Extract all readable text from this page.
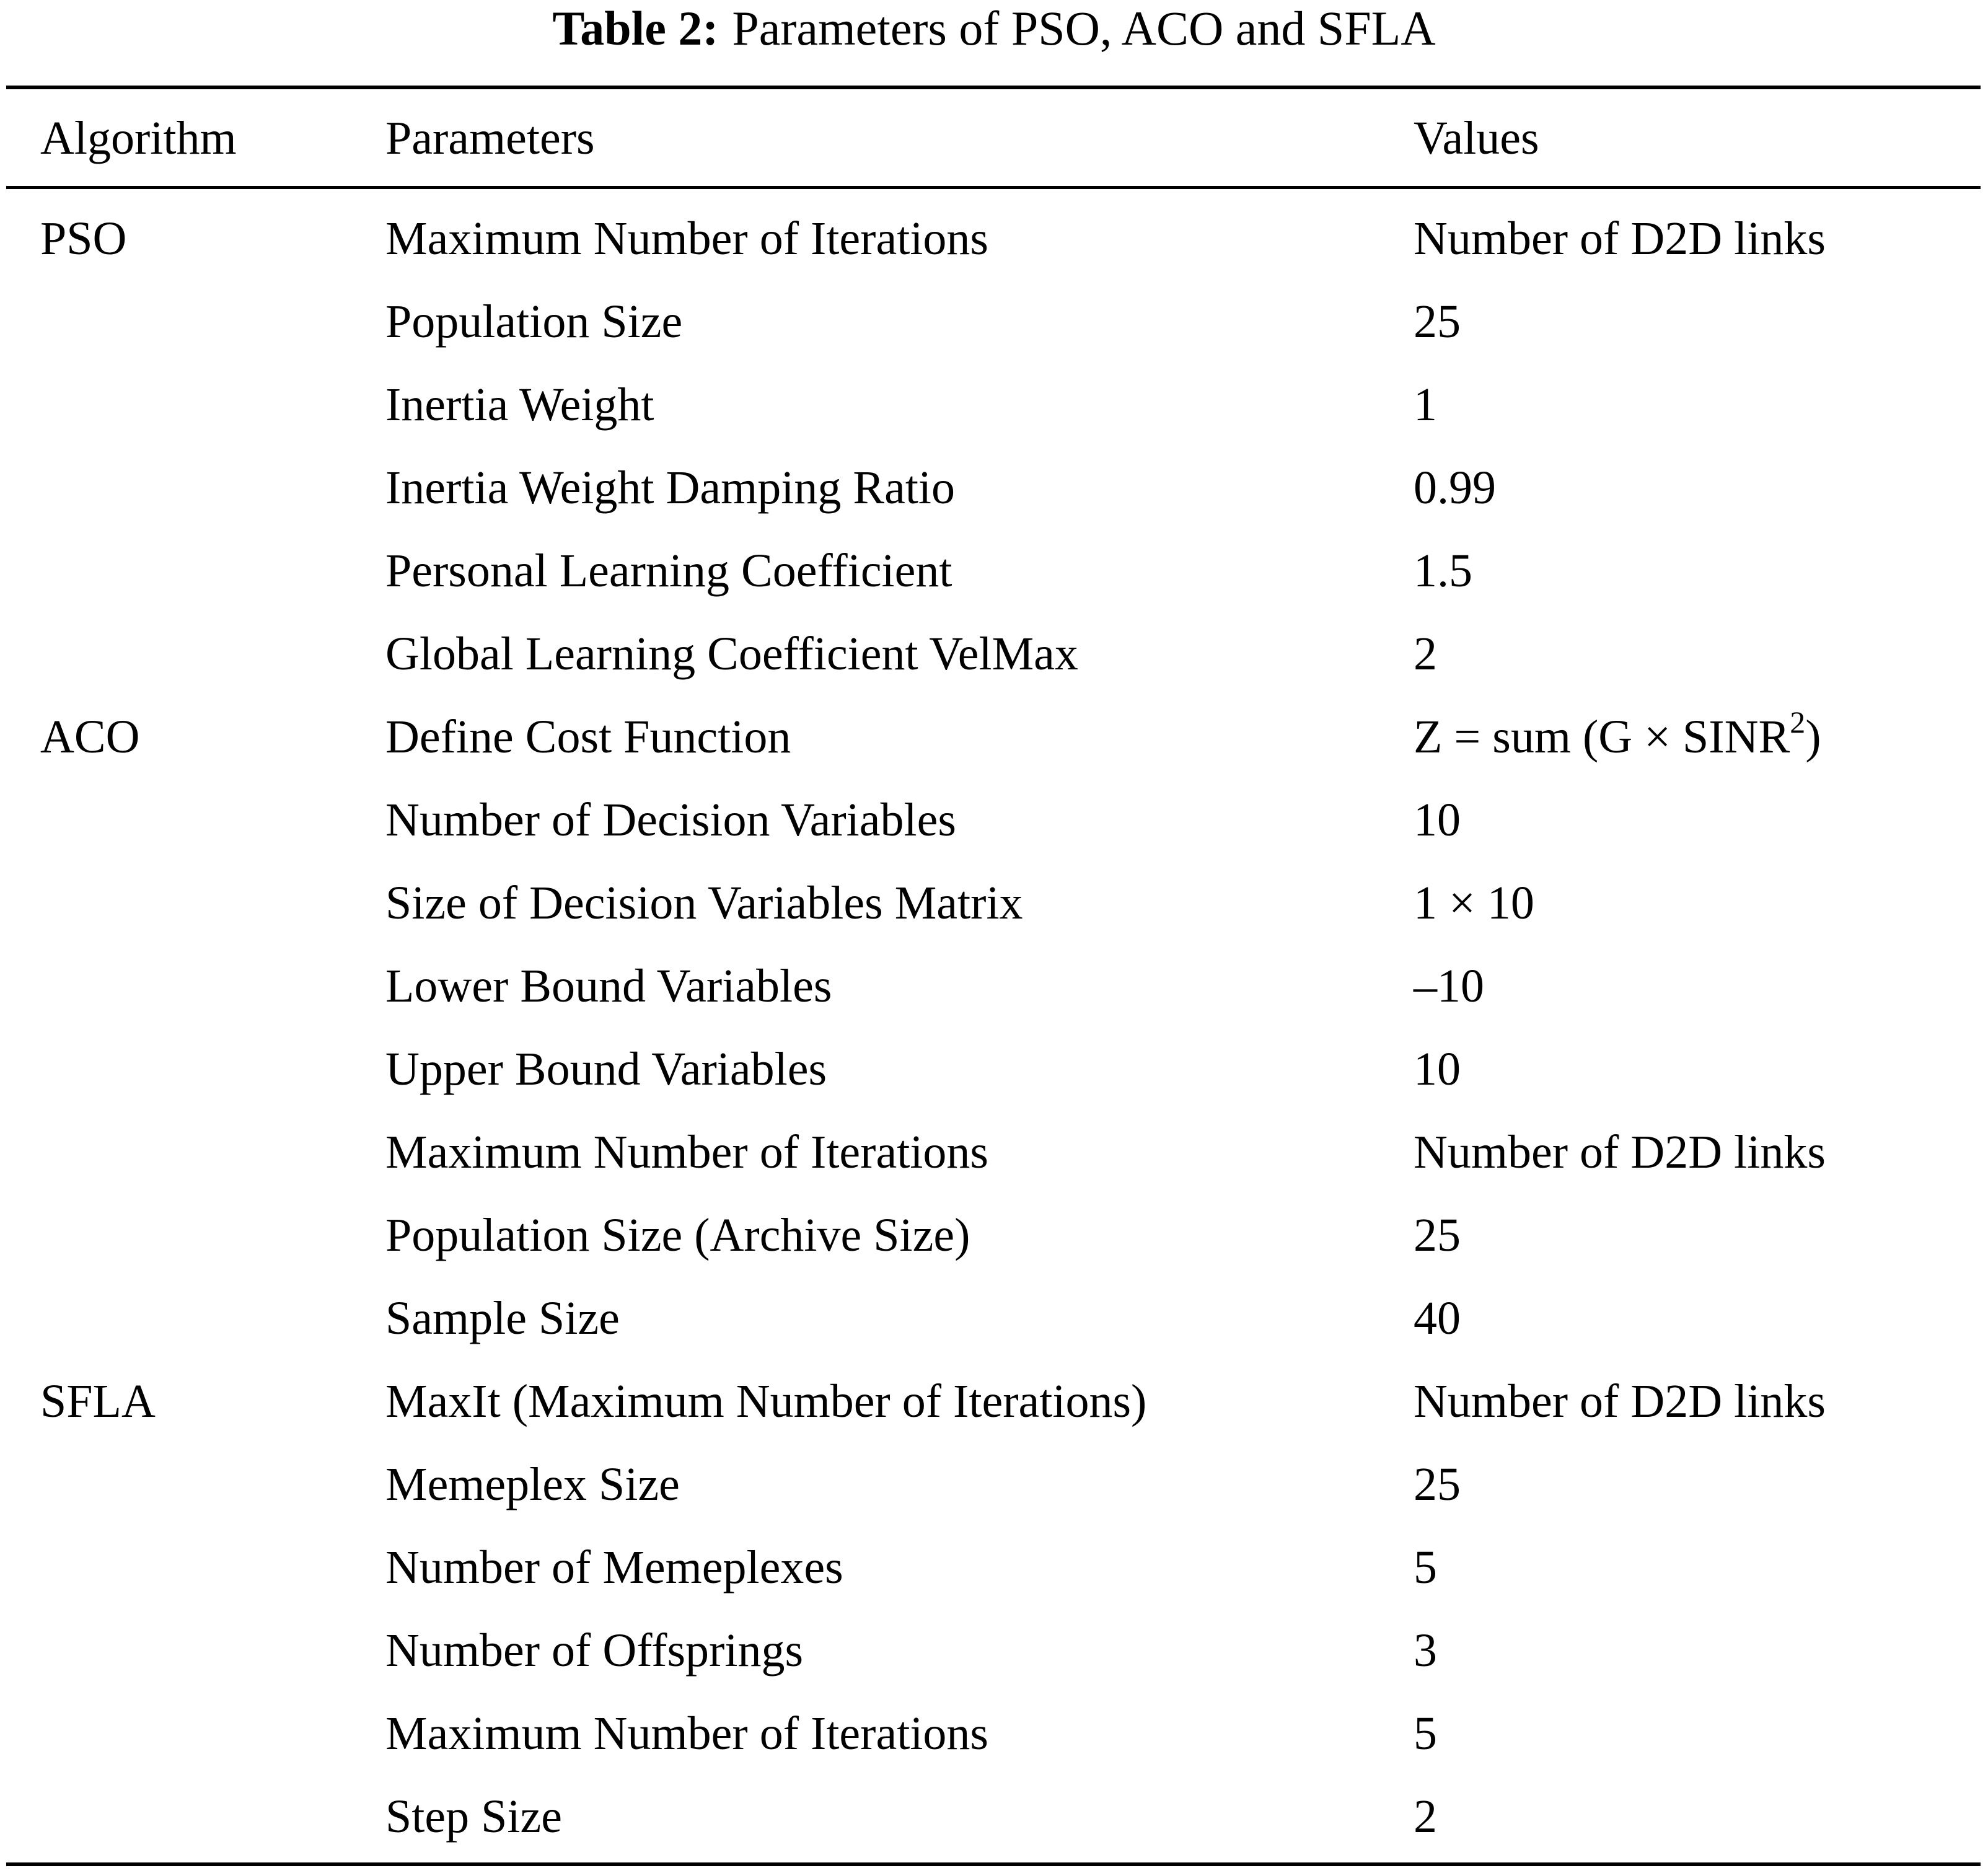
Table 2: Parameters of PSO, ACO and SFLA
Algorithm	Parameters	Values
PSO	Maximum Number of Iterations	Number of D2D links
Population Size	25
Inertia Weight	1
Inertia Weight Damping Ratio	0.99
Personal Learning Coefficient	1.5
Global Learning Coefficient VelMax	2
ACO	Define Cost Function	Z = sum $(G \times SINR^2)$
Number of Decision Variables	10
Size of Decision Variables Matrix	1 × 10
Lower Bound Variables	–10
Upper Bound Variables	10
Maximum Number of Iterations	Number of D2D links
Population Size (Archive Size)	25
Sample Size	40
SFLA	MaxIt (Maximum Number of Iterations)	Number of D2D links
Memeplex Size	25
Number of Memeplexes	5
Number of Offsprings	3
Maximum Number of Iterations	5
Step Size	2
